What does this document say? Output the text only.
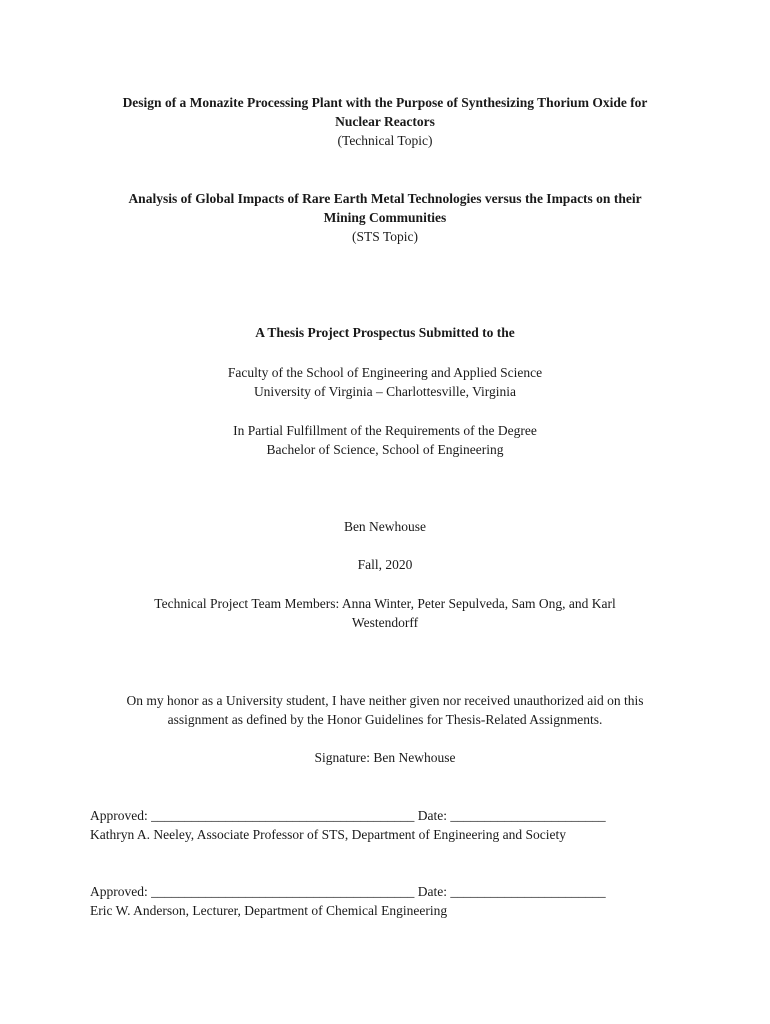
Design of a Monazite Processing Plant with the Purpose of Synthesizing Thorium Oxide for
Nuclear Reactors
(Technical Topic)
Analysis of Global Impacts of Rare Earth Metal Technologies versus the Impacts on their
Mining Communities
(STS Topic)
A Thesis Project Prospectus Submitted to the
Faculty of the School of Engineering and Applied Science
University of Virginia – Charlottesville, Virginia
In Partial Fulfillment of the Requirements of the Degree
Bachelor of Science, School of Engineering
Ben Newhouse
Fall, 2020
Technical Project Team Members: Anna Winter, Peter Sepulveda, Sam Ong, and Karl
Westendorff
On my honor as a University student, I have neither given nor received unauthorized aid on this
assignment as defined by the Honor Guidelines for Thesis-Related Assignments.
Signature: Ben Newhouse
Approved: _______________________________________ Date: _______________________
Kathryn A. Neeley, Associate Professor of STS, Department of Engineering and Society
Approved: _______________________________________ Date: _______________________
Eric W. Anderson, Lecturer, Department of Chemical Engineering
